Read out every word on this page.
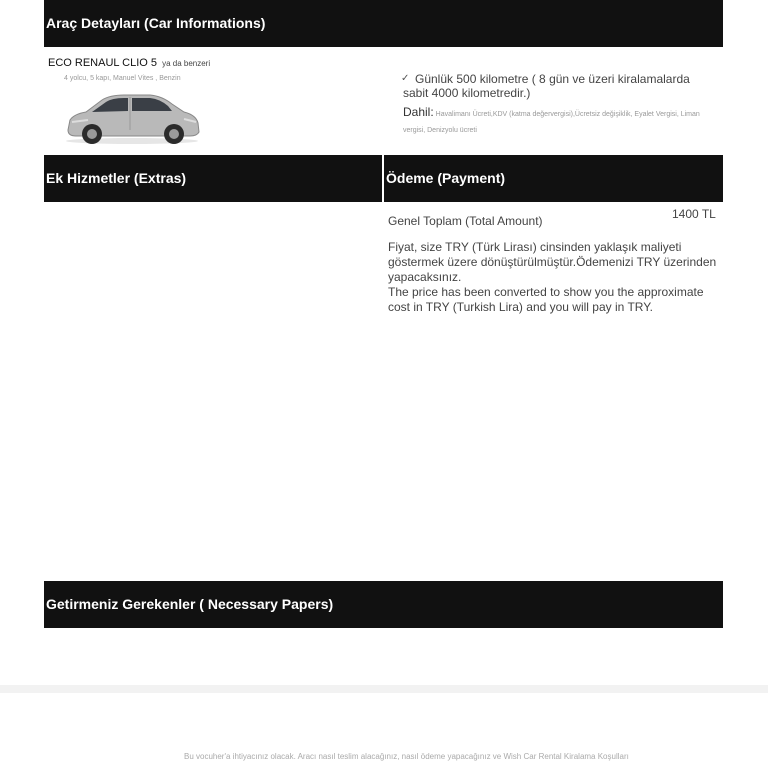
Araç Detayları (Car Informations)
ECO RENAUL CLIO 5 ya da benzeri
4 yolcu, 5 kapı, Manuel Vites , Benzin	✓ Günlük 500 kilometre ( 8 gün ve üzeri kiralamalarda
sabit 4000 kilometredir.)
Dahil: Havalimanı Ücreti,KDV (katma değervergisi),Ücretsiz değişiklik, Eyalet Vergisi, Liman vergisi, Denizyolu ücreti
Ek Hizmetler (Extras)	Ödeme (Payment)
Genel Toplam (Total Amount)	1400 TL

Fiyat, size TRY (Türk Lirası) cinsinden yaklaşık maliyeti göstermek üzere dönüştürülmüştür.Ödemenizi TRY üzerinden yapacaksınız.

The price has been converted to show you the approximate cost in TRY (Turkish Lira) and you will pay in TRY.

Getirmeniz Gerekenler ( Necessary Papers)
Bu vocuher'a ihtiyacınız olacak. Aracı nasıl teslim alacağınız, nasıl ödeme yapacağınız ve Wish Car Rental Kiralama Koşulları
